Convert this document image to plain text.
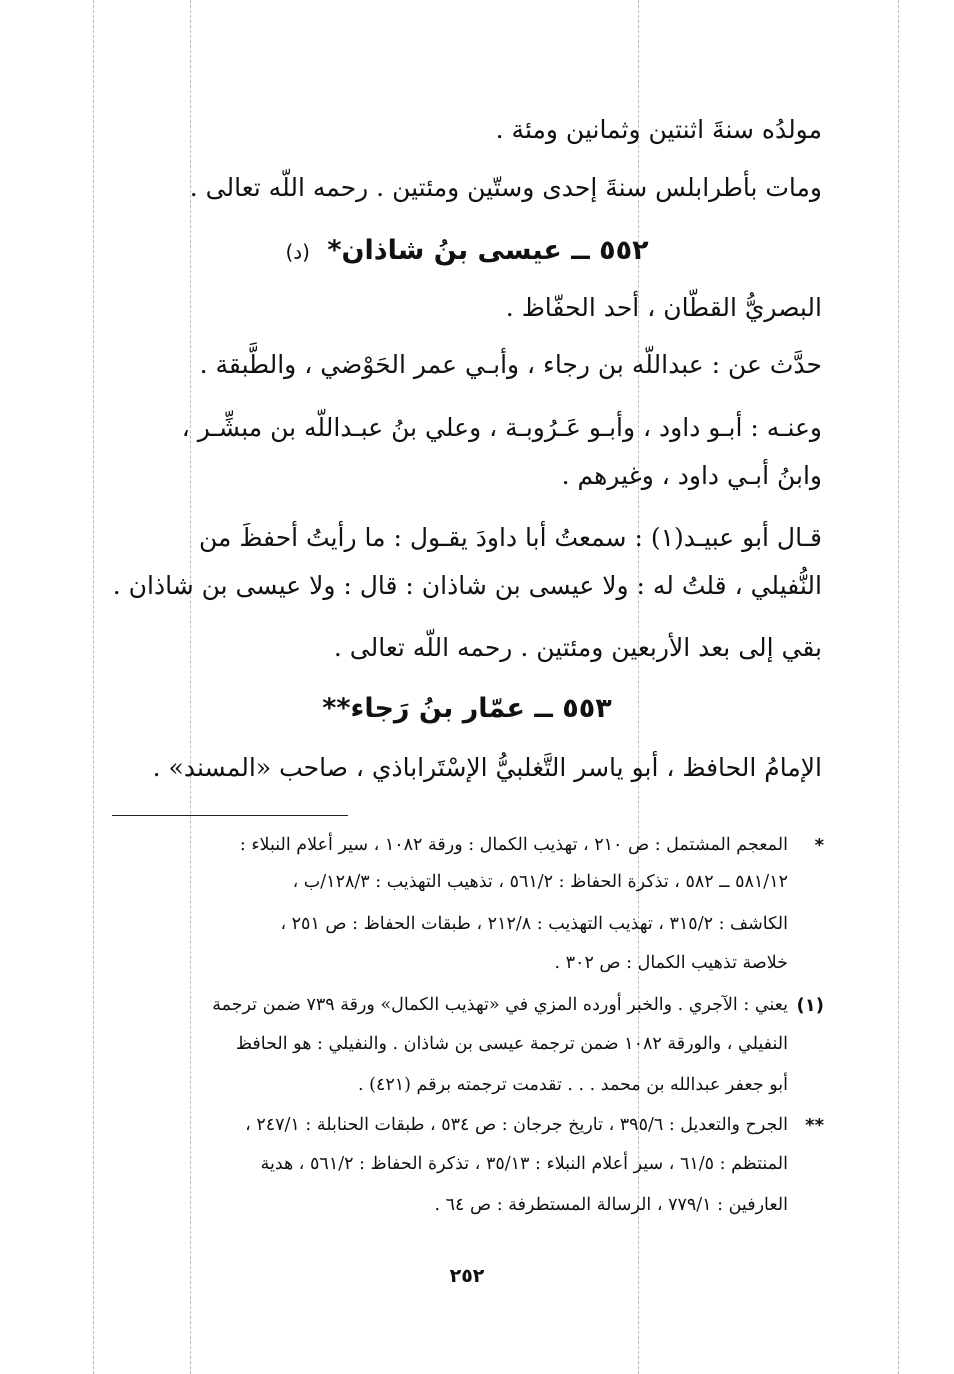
مولدُه سنةَ اثنتين وثمانين ومئة .
ومات بأطرابلس سنةَ إحدى وستّين ومئتين . رحمه اللّه تعالى .
٥٥٢ ــ عيسى بنُ شاذان* (د)
البصريُّ القطّان ، أحد الحفّاظ .
حدَّث عن : عبداللّه بن رجاء ، وأبـي عمر الحَوْضي ، والطَّبقة .
وعنـه : أبـو داود ، وأبـو عَـرُوبـة ، وعلي بنُ عبـداللّه بن مبشِّـر ،
وابنُ أبـي داود ، وغيرهم .
قـال أبو عبيـد(١) : سمعتُ أبا داودَ يقـول : ما رأيتُ أحفظَ من
النُّفيلي ، قلتُ له : ولا عيسى بن شاذان : قال : ولا عيسى بن شاذان .
بقي إلى بعد الأربعين ومئتين . رحمه اللّه تعالى .
٥٥٣ ــ عمّار بنُ رَجاء**
الإمامُ الحافظ ، أبو ياسر التَّغلبيُّ الإسْتَراباذي ، صاحب «المسند» .
*
المعجم المشتمل : ص ٢١٠ ، تهذيب الكمال : ورقة ١٠٨٢ ، سير أعلام النبلاء :
٥٨١/١٢ ــ ٥٨٢ ، تذكرة الحفاظ : ٥٦١/٢ ، تذهيب التهذيب : ١٢٨/٣/ب ،
الكاشف : ٣١٥/٢ ، تهذيب التهذيب : ٢١٢/٨ ، طبقات الحفاظ : ص ٢٥١ ،
خلاصة تذهيب الكمال : ص ٣٠٢ .
(١)
يعني : الآجري . والخبر أورده المزي في «تهذيب الكمال» ورقة ٧٣٩ ضمن ترجمة
النفيلي ، والورقة ١٠٨٢ ضمن ترجمة عيسى بن شاذان . والنفيلي : هو الحافظ
أبو جعفر عبدالله بن محمد . . . تقدمت ترجمته برقم (٤٢١) .
**
الجرح والتعديل : ٣٩٥/٦ ، تاريخ جرجان : ص ٥٣٤ ، طبقات الحنابلة : ٢٤٧/١ ،
المنتظم : ٦١/٥ ، سير أعلام النبلاء : ٣٥/١٣ ، تذكرة الحفاظ : ٥٦١/٢ ، هدية
العارفين : ٧٧٩/١ ، الرسالة المستطرفة : ص ٦٤ .
٢٥٢
